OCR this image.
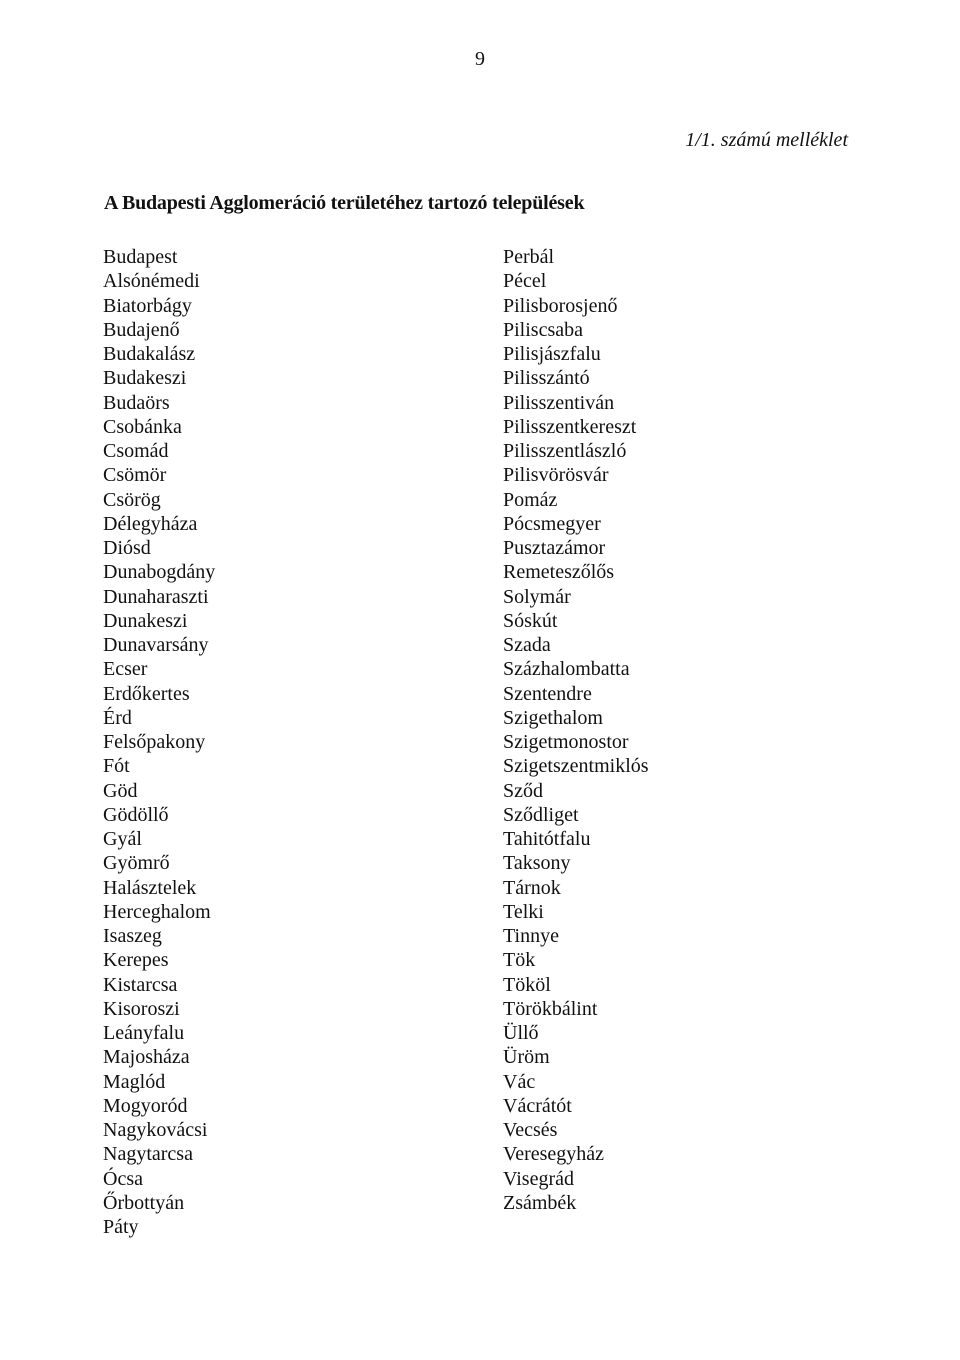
9
1/1. számú melléklet
A Budapesti Agglomeráció területéhez tartozó települések
Budapest
Alsónémedi
Biatorbágy
Budajenő
Budakalász
Budakeszi
Budaörs
Csobánka
Csomád
Csömör
Csörög
Délegyháza
Diósd
Dunabogdány
Dunaharaszti
Dunakeszi
Dunavarsány
Ecser
Erdőkertes
Érd
Felsőpakony
Fót
Göd
Gödöllő
Gyál
Gyömrő
Halásztelek
Herceghalom
Isaszeg
Kerepes
Kistarcsa
Kisoroszi
Leányfalu
Majosháza
Maglód
Mogyoród
Nagykovácsi
Nagytarcsa
Ócsa
Őrbottyán
Páty
Perbál
Pécel
Pilisborosjenő
Piliscsaba
Pilisjászfalu
Pilisszántó
Pilisszentiván
Pilisszentkereszt
Pilisszentlászló
Pilisvörösvár
Pomáz
Pócsmegyer
Pusztazámor
Remeteszőlős
Solymár
Sóskút
Szada
Százhalombatta
Szentendre
Szigethalom
Szigetmonostor
Szigetszentmiklós
Sződ
Sződliget
Tahitótfalu
Taksony
Tárnok
Telki
Tinnye
Tök
Tököl
Törökbálint
Üllő
Üröm
Vác
Vácrátót
Vecsés
Veresegyház
Visegrád
Zsámbék
